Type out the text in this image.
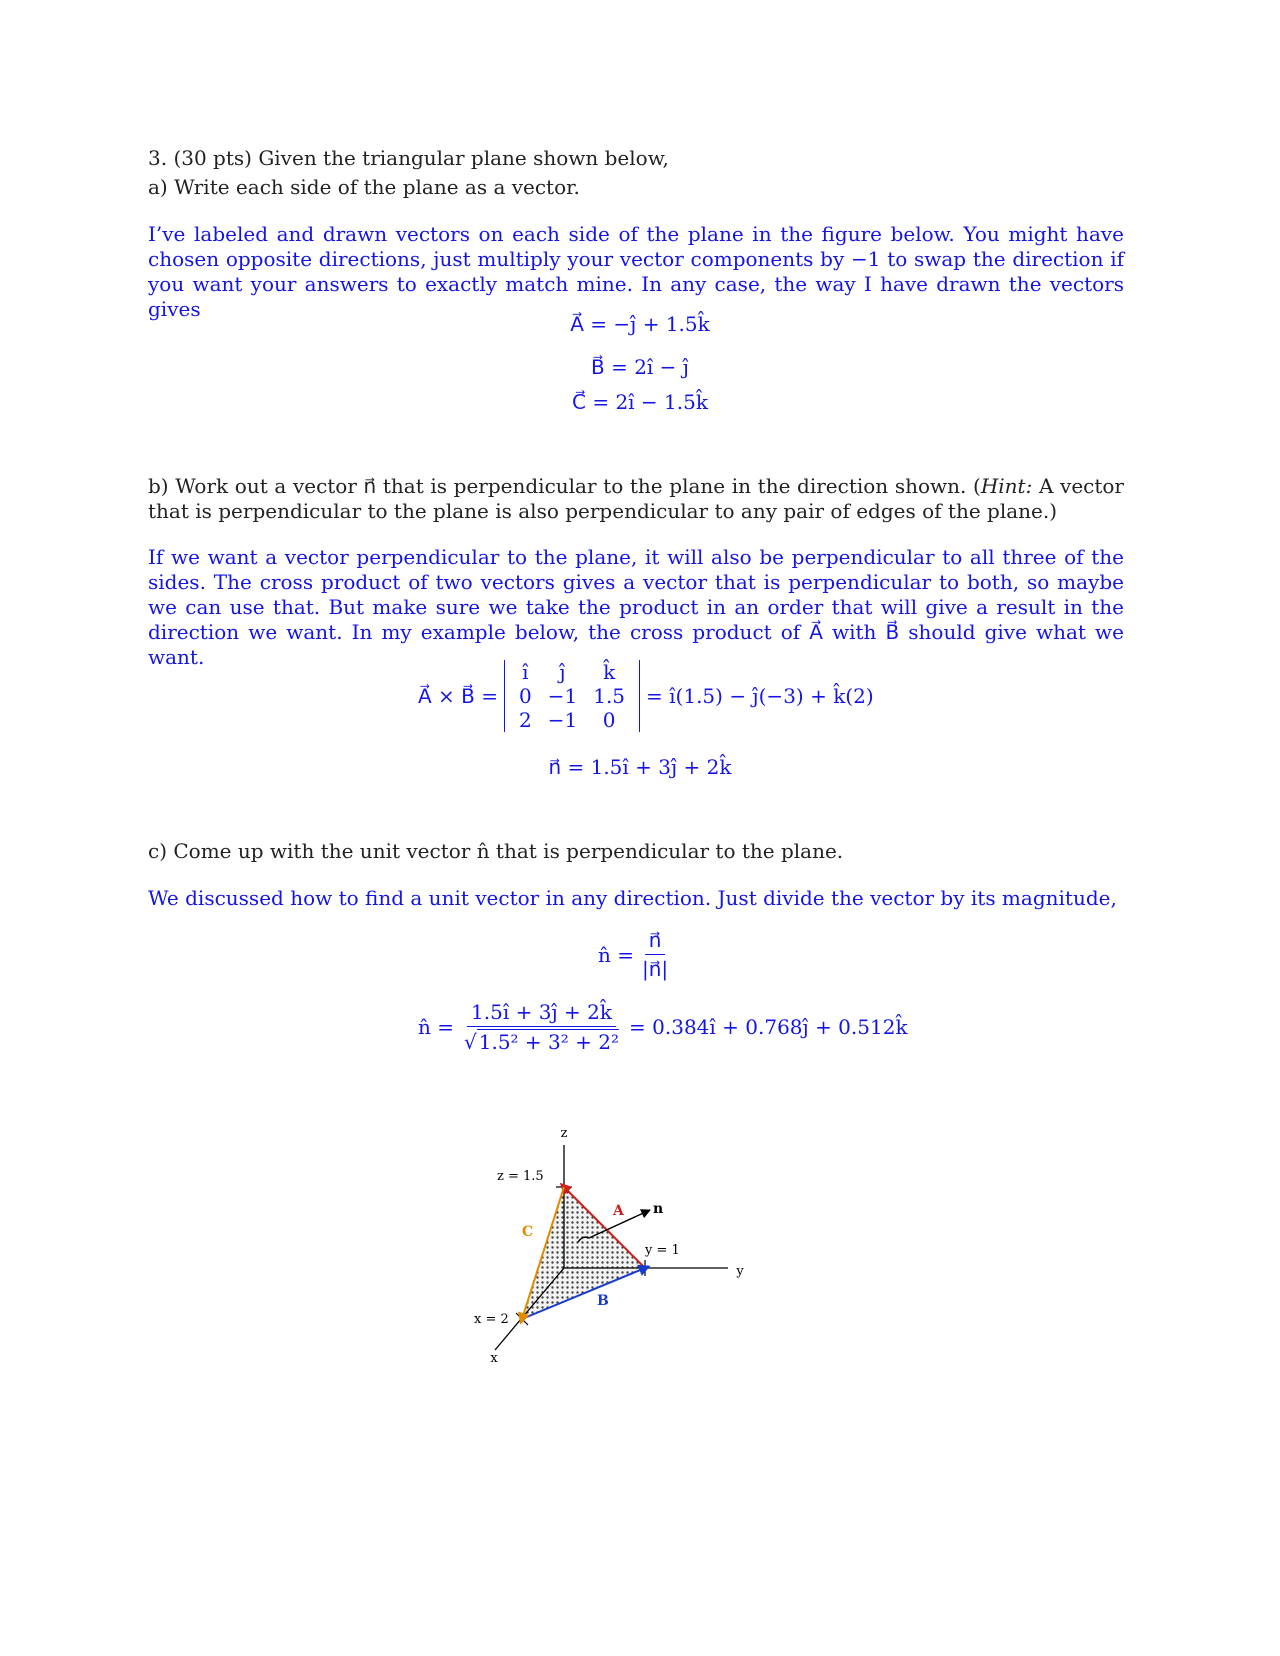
3. (30 pts) Given the triangular plane shown below,
a) Write each side of the plane as a vector.
I’ve labeled and drawn vectors on each side of the plane in the figure below. You might have chosen opposite directions, just multiply your vector components by −1 to swap the direction if you want your answers to exactly match mine. In any case, the way I have drawn the vectors gives
A⃗ = −ĵ + 1.5k̂
B⃗ = 2î − ĵ
C⃗ = 2î − 1.5k̂
b) Work out a vector n⃗ that is perpendicular to the plane in the direction shown. (Hint: A vector that is perpendicular to the plane is also perpendicular to any pair of edges of the plane.)
If we want a vector perpendicular to the plane, it will also be perpendicular to all three of the sides. The cross product of two vectors gives a vector that is perpendicular to both, so maybe we can use that. But make sure we take the product in an order that will give a result in the direction we want. In my example below, the cross product of A⃗ with B⃗ should give what we want.
A⃗ × B⃗ =
î	ĵ	k̂
0	−1	1.5
2	−1	0
= î(1.5) − ĵ(−3) + k̂(2)
n⃗ = 1.5î + 3ĵ + 2k̂
c) Come up with the unit vector n̂ that is perpendicular to the plane.
We discussed how to find a unit vector in any direction. Just divide the vector by its magnitude,
n̂ = $\frac{n⃗}{|n⃗|}$
n̂ = $\frac{1.5î + 3ĵ + 2k̂}{\text{√ 1.5² + 3² + 2²}}$ = 0.384î + 0.768ĵ + 0.512k̂
z
y
x
z = 1.5
y = 1
x = 2
A
B
C
n
